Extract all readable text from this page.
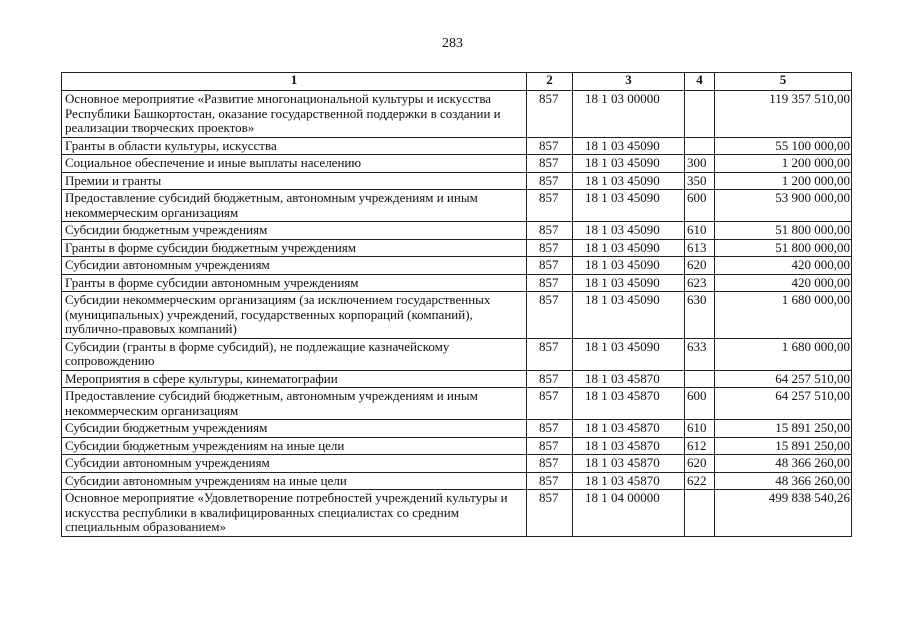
283
1	2	3	4	5
Основное мероприятие «Развитие многонациональной культуры и искусства Республики Башкортостан, оказание государственной поддержки в создании и реализации творческих проектов»	857	18 1 03 00000		119 357 510,00
Гранты в области культуры, искусства	857	18 1 03 45090		55 100 000,00
Социальное обеспечение и иные выплаты населению	857	18 1 03 45090	300	1 200 000,00
Премии и гранты	857	18 1 03 45090	350	1 200 000,00
Предоставление субсидий бюджетным, автономным учреждениям и иным некоммерческим организациям	857	18 1 03 45090	600	53 900 000,00
Субсидии бюджетным учреждениям	857	18 1 03 45090	610	51 800 000,00
Гранты в форме субсидии бюджетным учреждениям	857	18 1 03 45090	613	51 800 000,00
Субсидии автономным учреждениям	857	18 1 03 45090	620	420 000,00
Гранты в форме субсидии автономным учреждениям	857	18 1 03 45090	623	420 000,00
Субсидии некоммерческим организациям (за исключением государственных (муниципальных) учреждений, государственных корпораций (компаний), публично-правовых компаний)	857	18 1 03 45090	630	1 680 000,00
Субсидии (гранты в форме субсидий), не подлежащие казначейскому сопровождению	857	18 1 03 45090	633	1 680 000,00
Мероприятия в сфере культуры, кинематографии	857	18 1 03 45870		64 257 510,00
Предоставление субсидий бюджетным, автономным учреждениям и иным некоммерческим организациям	857	18 1 03 45870	600	64 257 510,00
Субсидии бюджетным учреждениям	857	18 1 03 45870	610	15 891 250,00
Субсидии бюджетным учреждениям на иные цели	857	18 1 03 45870	612	15 891 250,00
Субсидии автономным учреждениям	857	18 1 03 45870	620	48 366 260,00
Субсидии автономным учреждениям на иные цели	857	18 1 03 45870	622	48 366 260,00
Основное мероприятие «Удовлетворение потребностей учреждений культуры и искусства республики в квалифицированных специалистах со средним специальным образованием»	857	18 1 04 00000		499 838 540,26
